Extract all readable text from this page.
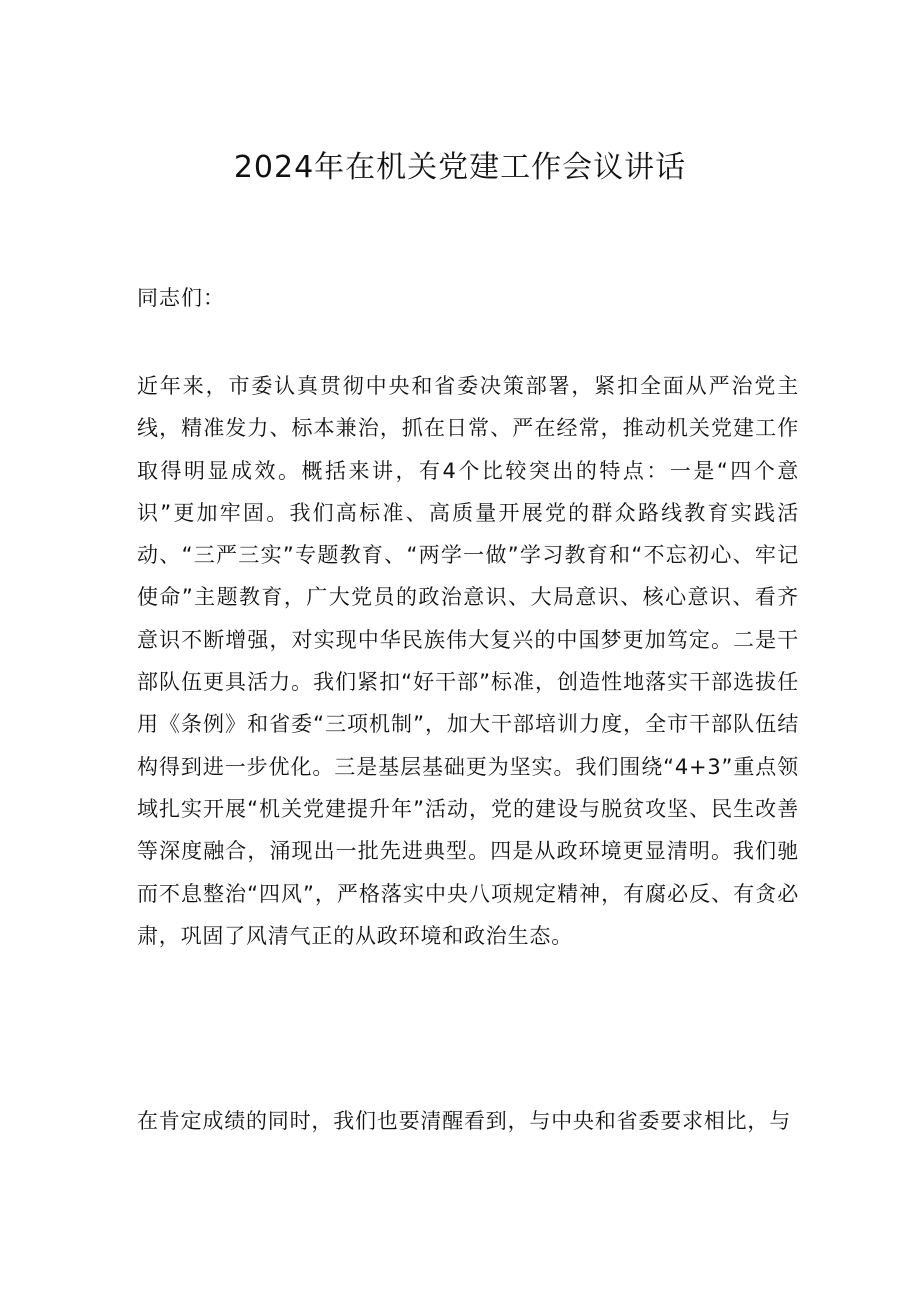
2024年在机关党建工作会议讲话

同志们：

近年来，市委认真贯彻中央和省委决策部署，紧扣全面从严治党主线，精准发力、标本兼治，抓在日常、严在经常，推动机关党建工作取得明显成效。概括来讲，有4个比较突出的特点：一是“四个意识”更加牢固。我们高标准、高质量开展党的群众路线教育实践活动、“三严三实”专题教育、“两学一做”学习教育和“不忘初心、牢记使命”主题教育，广大党员的政治意识、大局意识、核心意识、看齐意识不断增强，对实现中华民族伟大复兴的中国梦更加笃定。二是干部队伍更具活力。我们紧扣“好干部”标准，创造性地落实干部选拔任用《条例》和省委“三项机制”，加大干部培训力度，全市干部队伍结构得到进一步优化。三是基层基础更为坚实。我们围绕“4+3”重点领域扎实开展“机关党建提升年”活动，党的建设与脱贫攻坚、民生改善等深度融合，涌现出一批先进典型。四是从政环境更显清明。我们驰而不息整治“四风”，严格落实中央八项规定精神，有腐必反、有贪必肃，巩固了风清气正的从政环境和政治生态。

在肯定成绩的同时，我们也要清醒看到，与中央和省委要求相比，与
